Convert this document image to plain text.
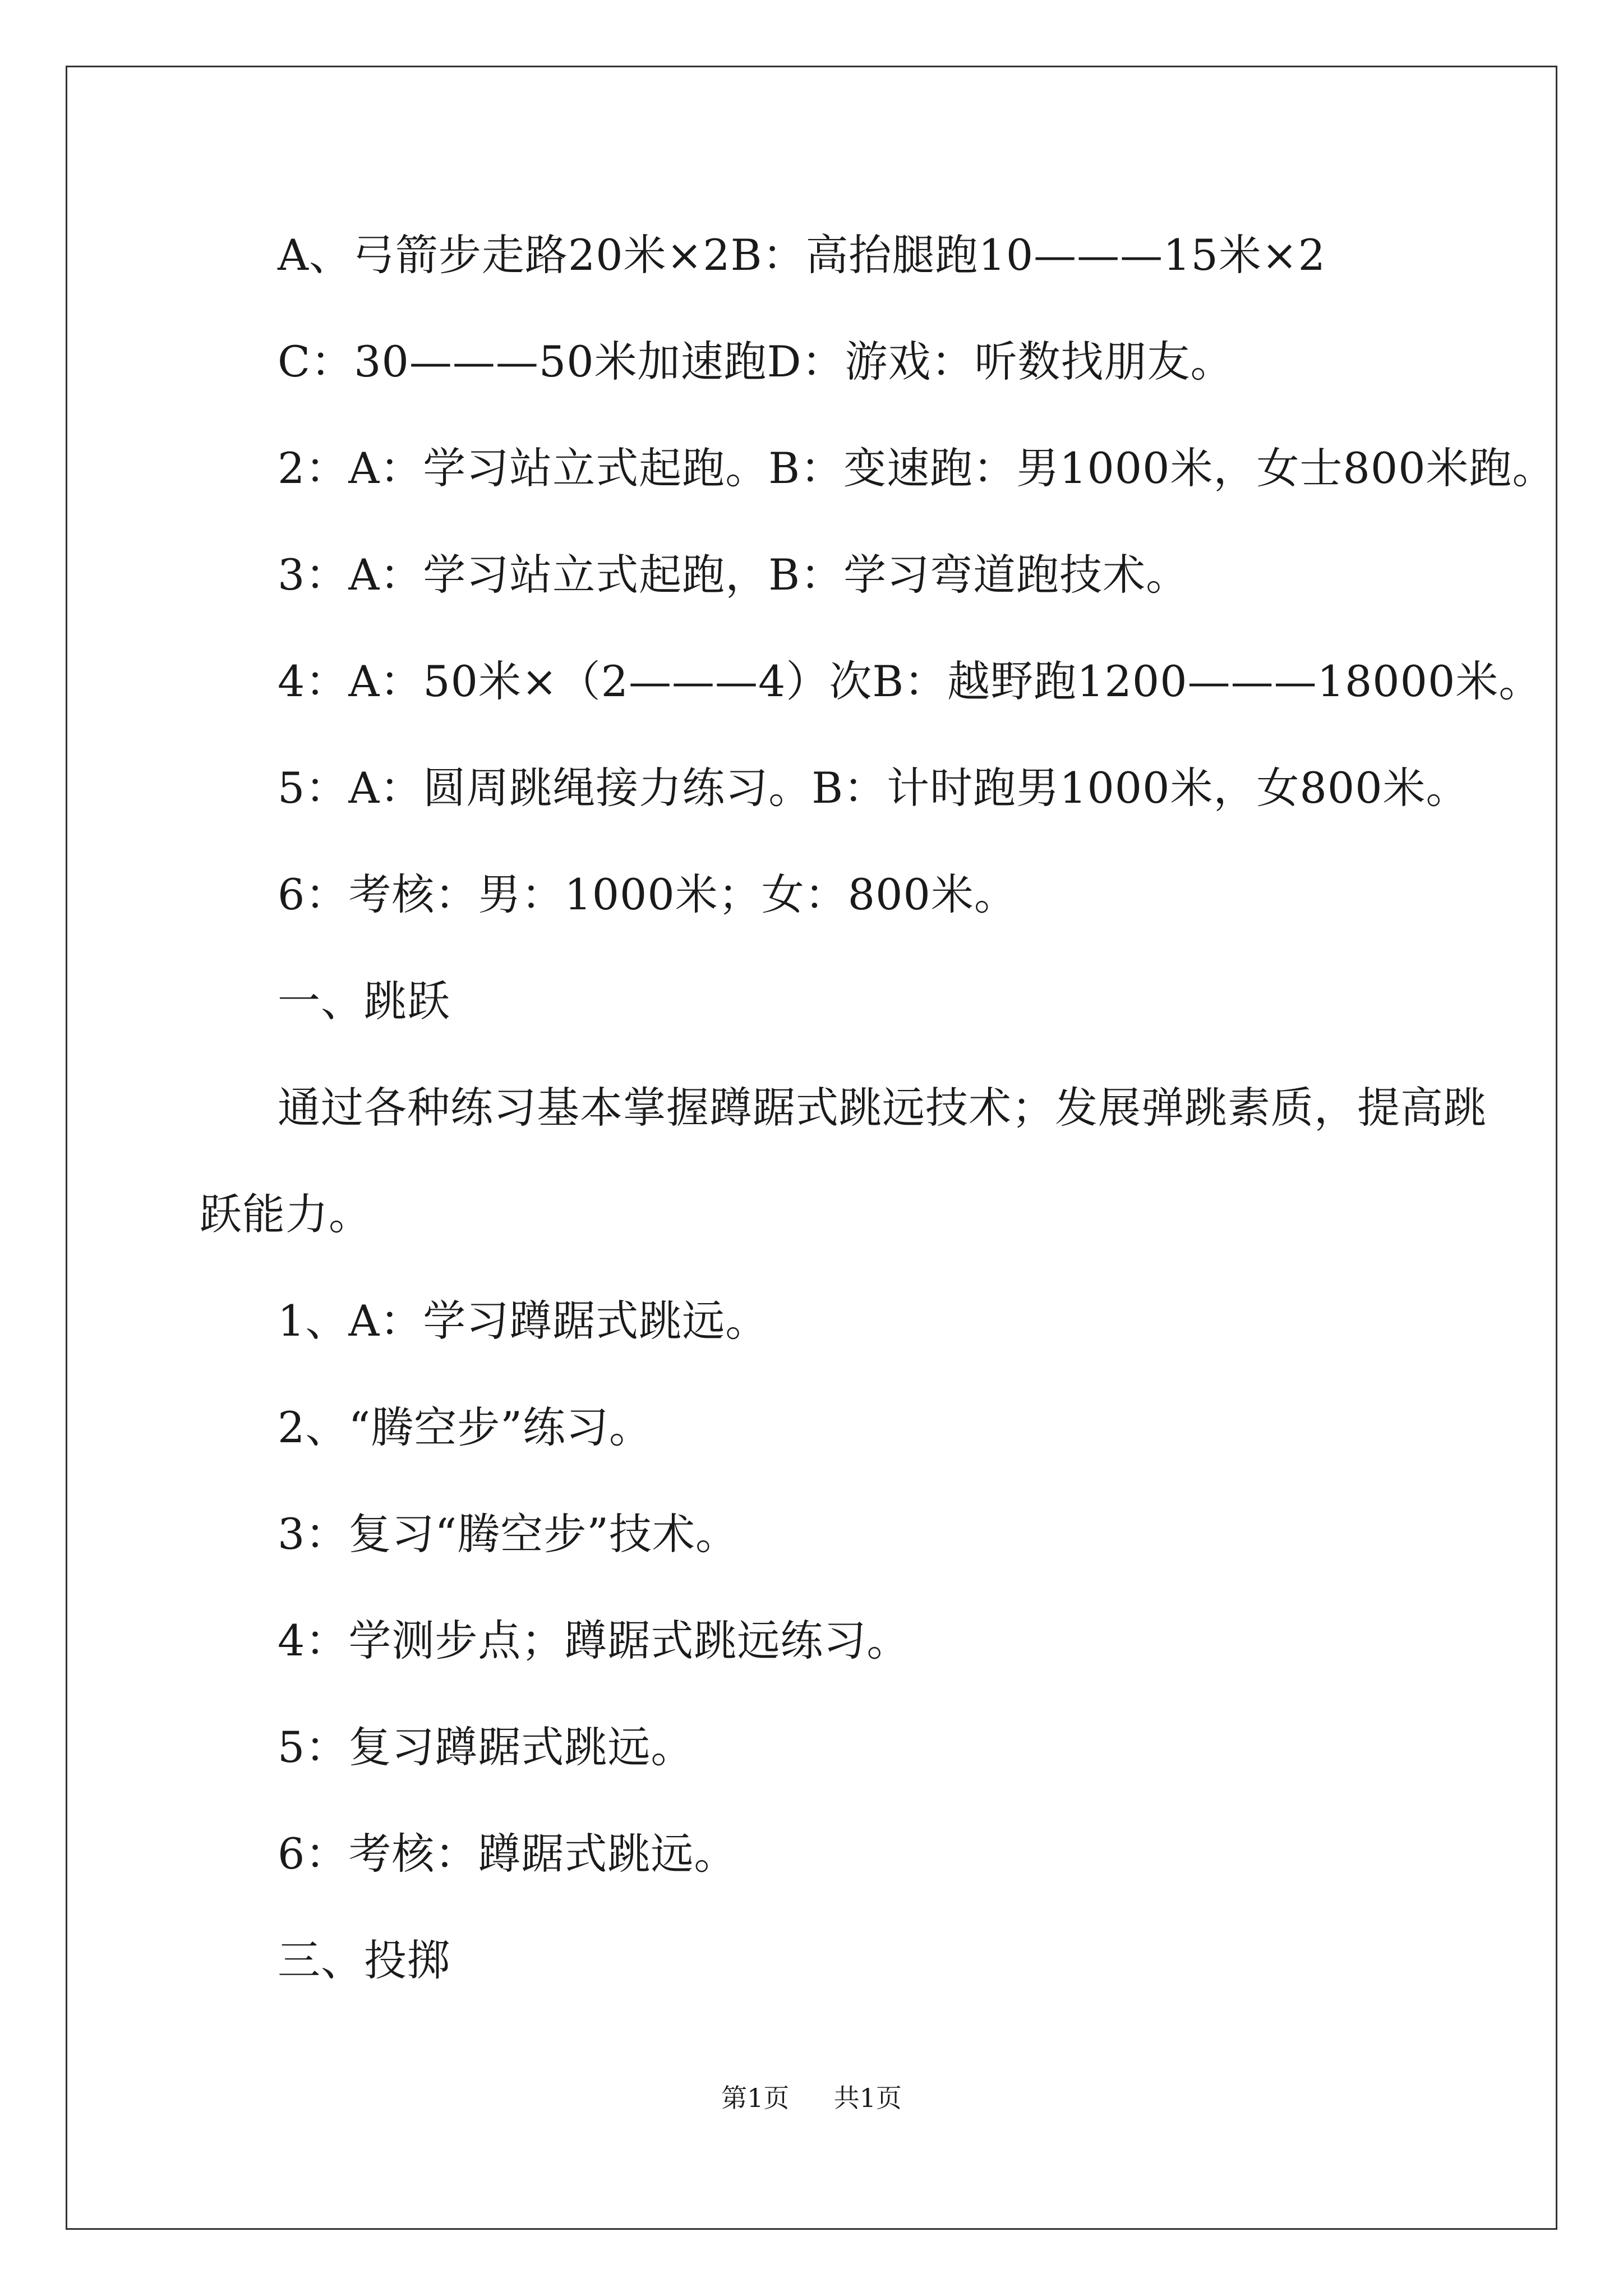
A、弓箭步走路20米×2B：高抬腿跑10———15米×2

C：30———50米加速跑D：游戏：听数找朋友。

2：A：学习站立式起跑。B：变速跑：男1000米，女士800米跑。

3：A：学习站立式起跑，B：学习弯道跑技术。

4：A：50米×（2———4）次B：越野跑1200———18000米。

5：A：圆周跳绳接力练习。B：计时跑男1000米，女800米。

6：考核：男：1000米；女：800米。

一、跳跃

通过各种练习基本掌握蹲踞式跳远技术；发展弹跳素质，提高跳

跃能力。

1、A：学习蹲踞式跳远。

2、“腾空步”练习。

3：复习“腾空步”技术。

4：学测步点；蹲踞式跳远练习。

5：复习蹲踞式跳远。

6：考核：蹲踞式跳远。

三、投掷

第1页 共1页
